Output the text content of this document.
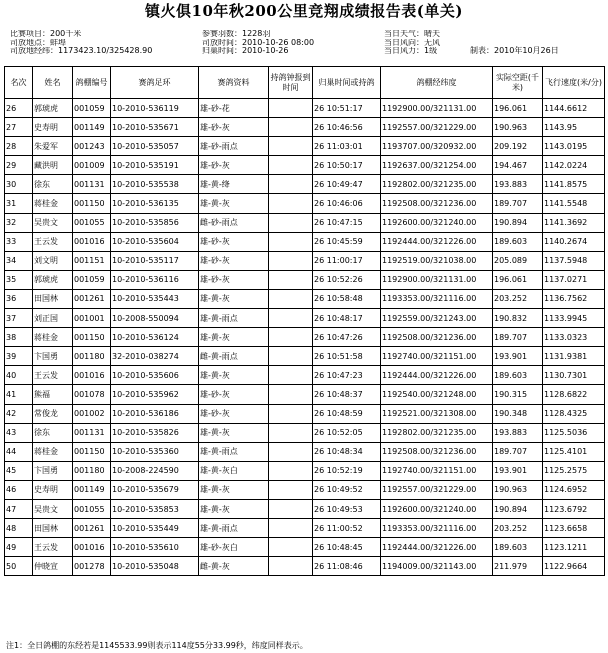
镇火俱10年秋200公里竞翔成绩报告表(单关)
比赛项目：200千米
司放地点：蚌埠
司放地经纬：1173423.10/325428.90
参赛羽数：1228羽
司放时间：2010-10-26 08:00
归巢时间：2010-10-26
当日天气：晴天
当日风向：无风
当日风力：1级	制表：2010年10月26日
名次	姓名	鸽棚编号	赛鸽足环	赛鸽资料	持鸽钟报到时间	归巢时间或持鸽	鸽棚经纬度	实际空距(千米)	飞行速度(米/分)
26	郭琥虎	001059	10-2010-536119	雄-砂-花		26 10:51:17	1192900.00/321131.00	196.061	1144.6612
27	史寿明	001149	10-2010-535671	雄-砂-灰		26 10:46:56	1192557.00/321229.00	190.963	1143.95
28	朱爱军	001243	10-2010-535057	雄-砂-雨点		26 11:03:01	1193707.00/320932.00	209.192	1143.0195
29	藏洪明	001009	10-2010-535191	雄-砂-灰		26 10:50:17	1192637.00/321254.00	194.467	1142.0224
30	徐东	001131	10-2010-535538	雄-黄-绛		26 10:49:47	1192802.00/321235.00	193.883	1141.8575
31	蒋桂金	001150	10-2010-536135	雄-黄-灰		26 10:46:06	1192508.00/321236.00	189.707	1141.5548
32	吴贵文	001055	10-2010-535856	雌-砂-雨点		26 10:47:15	1192600.00/321240.00	190.894	1141.3692
33	王云发	001016	10-2010-535604	雄-砂-灰		26 10:45:59	1192444.00/321226.00	189.603	1140.2674
34	刘文明	001151	10-2010-535117	雄-砂-灰		26 11:00:17	1192519.00/321038.00	205.089	1137.5948
35	郭琥虎	001059	10-2010-536116	雄-砂-灰		26 10:52:26	1192900.00/321131.00	196.061	1137.0271
36	田国林	001261	10-2010-535443	雄-黄-灰		26 10:58:48	1193353.00/321116.00	203.252	1136.7562
37	刘正国	001001	10-2008-550094	雄-黄-雨点		26 10:48:17	1192559.00/321243.00	190.832	1133.9945
38	蒋桂金	001150	10-2010-536124	雄-黄-灰		26 10:47:26	1192508.00/321236.00	189.707	1133.0323
39	卞国勇	001180	32-2010-038274	雌-黄-雨点		26 10:51:58	1192740.00/321151.00	193.901	1131.9381
40	王云发	001016	10-2010-535606	雄-黄-灰		26 10:47:23	1192444.00/321226.00	189.603	1130.7301
41	熊福	001078	10-2010-535962	雄-砂-灰		26 10:48:37	1192540.00/321248.00	190.315	1128.6822
42	常俊龙	001002	10-2010-536186	雄-砂-灰		26 10:48:59	1192521.00/321308.00	190.348	1128.4325
43	徐东	001131	10-2010-535826	雄-黄-灰		26 10:52:05	1192802.00/321235.00	193.883	1125.5036
44	蒋桂金	001150	10-2010-535360	雄-黄-雨点		26 10:48:34	1192508.00/321236.00	189.707	1125.4101
45	卞国勇	001180	10-2008-224590	雄-黄-灰白		26 10:52:19	1192740.00/321151.00	193.901	1125.2575
46	史寿明	001149	10-2010-535679	雄-黄-灰		26 10:49:52	1192557.00/321229.00	190.963	1124.6952
47	吴贵文	001055	10-2010-535853	雄-黄-灰		26 10:49:53	1192600.00/321240.00	190.894	1123.6792
48	田国林	001261	10-2010-535449	雄-黄-雨点		26 11:00:52	1193353.00/321116.00	203.252	1123.6658
49	王云发	001016	10-2010-535610	雄-砂-灰白		26 10:48:45	1192444.00/321226.00	189.603	1123.1211
50	仲晓宣	001278	10-2010-535048	雌-黄-灰		26 11:08:46	1194009.00/321143.00	211.979	1122.9664
注1：全日鸽棚的东经若是1145533.99则表示114度55分33.99秒，纬度同样表示。
